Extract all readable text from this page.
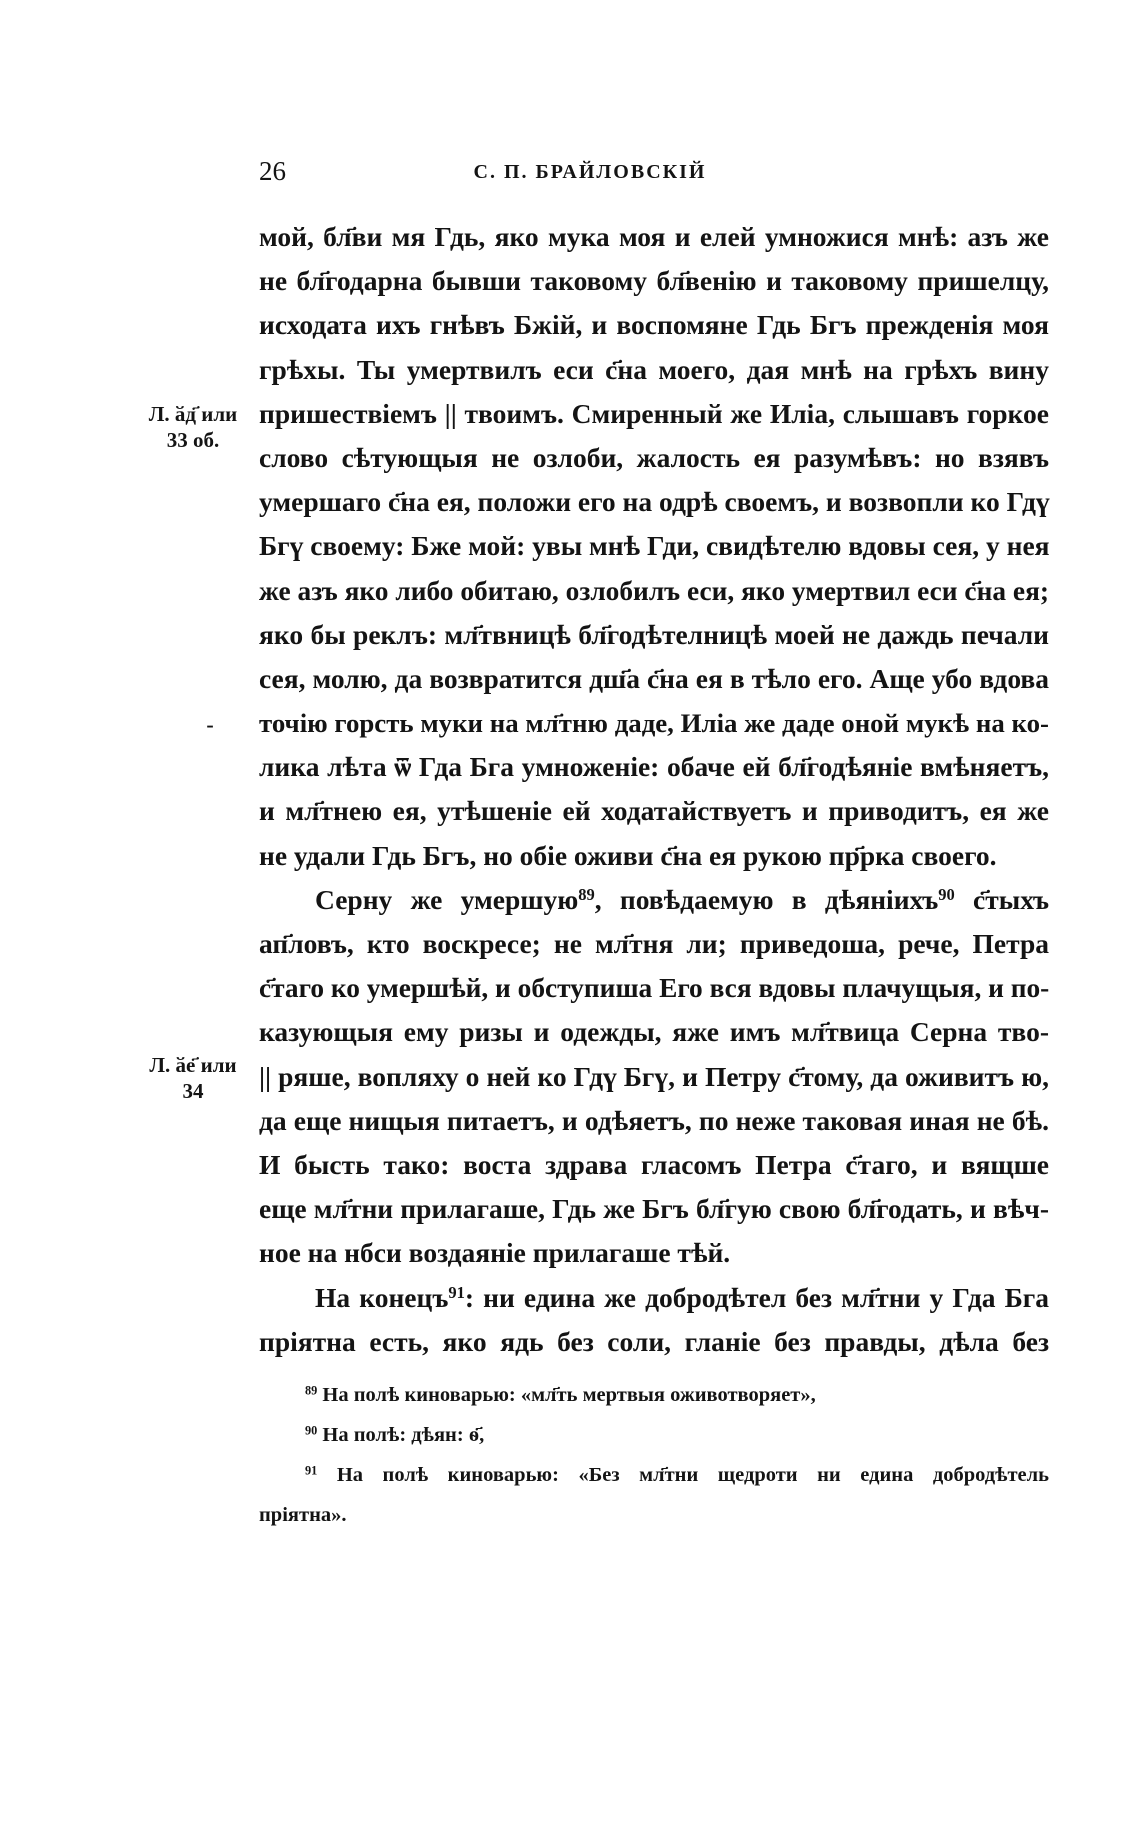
26	С. П. БРАЙЛОВСКІЙ
Л. ӑд҃ или
33 об.
-
Л. ӑе҃ или
34
мой, бл҃ви мя Гдь, яко мука моя и елей умножися мнѣ: азъ же
не бл҃годарна бывши таковому бл҃венію и таковому пришелцу,
исходата ихъ гнѣвъ Бжій, и воспомяне Гдь Бгъ прежденія моя
грѣхы. Ты умертвилъ еси с҃на моего, дая мнѣ на грѣхъ вину
пришествіемъ || твоимъ. Смиренный же Иліа, слышавъ горкое
слово сѣтующыя не озлоби, жалость ея разумѣвъ: но взявъ
умершаго с҃на ея, положи его на одрѣ своемъ, и возвопли ко Гдү
Бгү своему: Бже мой: увы мнѣ Гди, свидѣтелю вдовы сея, у нея
же азъ яко либо обитаю, озлобилъ еси, яко умертвил еси с҃на ея;
яко бы реклъ: мл҃твницѣ бл҃годѣтелницѣ моей не даждь печали
сея, молю, да возвратится дш҃а с҃на ея в тѣло его. Аще убо вдова
точію горсть муки на мл҃тню даде, Иліа же даде оной мукѣ на ко-
лика лѣта ѿ Гда Бга умноженіе: обаче ей бл҃годѣяніе вмѣняетъ,
и мл҃тнею ея, утѣшеніе ей ходатайствуетъ и приводитъ, ея же
не удали Гдь Бгъ, но обіе оживи с҃на ея рукою пр҃рка своего.
Серну же умершую$^{89}$, повѣдаемую в дѣяніихъ$^{90}$ с҃тыхъ
ап҃ловъ, кто воскресе; не мл҃тня ли; приведоша, рече, Петра
с҃таго ко умершѣй, и обступиша Его вся вдовы плачущыя, и по-
казующыя ему ризы и одежды, яже имъ мл҃твица Серна тво-
|| ряше, вопляху о ней ко Гдү Бгү, и Петру с҃тому, да оживитъ ю,
да еще нищыя питаетъ, и одѣяетъ, по неже таковая иная не бѣ.
И бысть тако: воста здрава гласомъ Петра с҃таго, и вящше
еще мл҃тни прилагаше, Гдь же Бгъ бл҃гую свою бл҃годать, и вѣч-
ное на нбси воздаяніе прилагаше тѣй.
На конецъ$^{91}$: ни едина же добродѣтел без мл҃тни у Гда Бга
пріятна есть, яко ядь без соли, гланіе без правды, дѣла без
$^{89}$ На полѣ киноварью: «мл҃ть мертвыя оживотворяет»,
$^{90}$ На полѣ: дѣян: ѳ҃,
$^{91}$ На полѣ киноварью: «Без мл҃тни щедроти ни едина добродѣтель
пріятна».
